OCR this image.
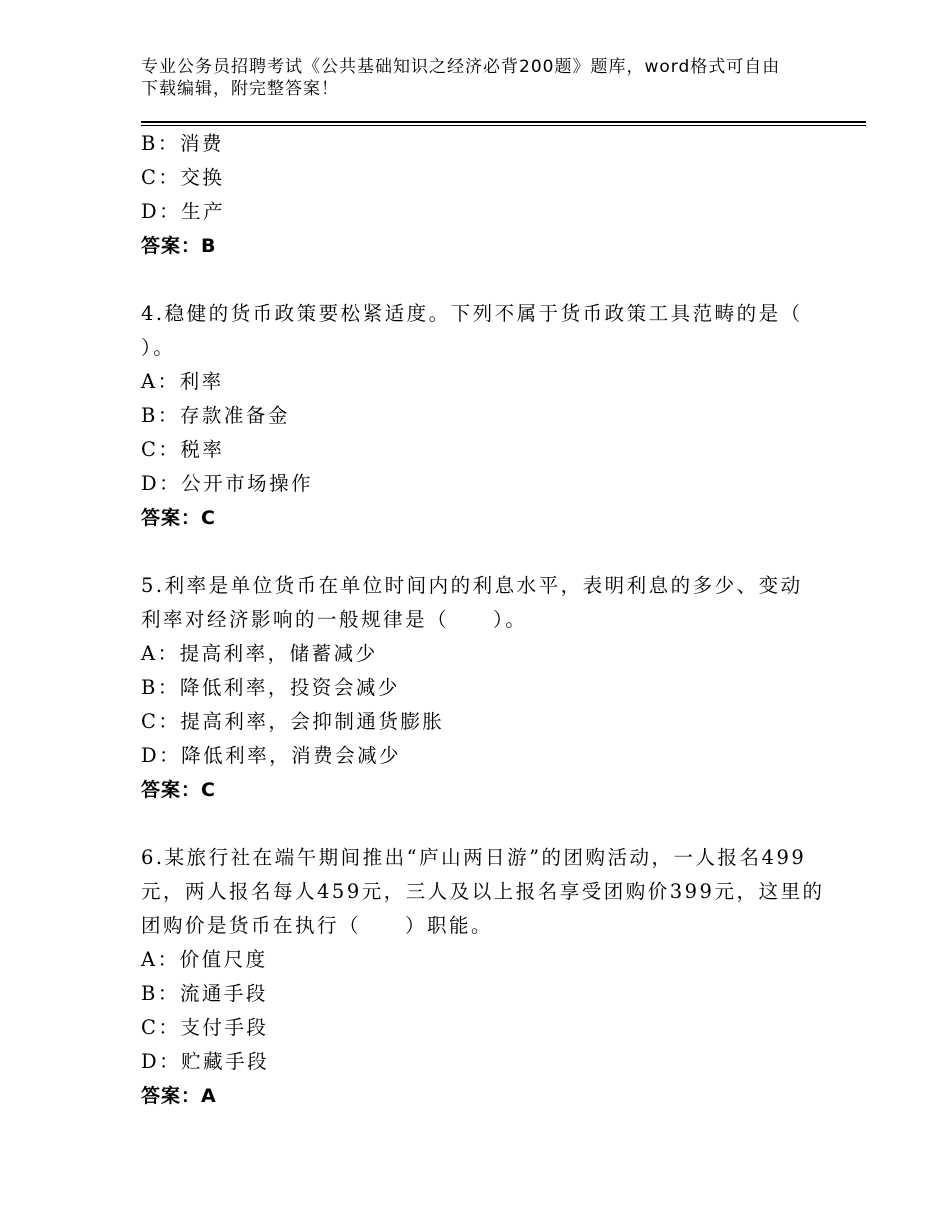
专业公务员招聘考试《公共基础知识之经济必背200题》题库，word格式可自由
下载编辑，附完整答案！
B：消费
C：交换
D：生产
答案：B
4.稳健的货币政策要松紧适度。下列不属于货币政策工具范畴的是（
）。
A：利率
B：存款准备金
C：税率
D：公开市场操作
答案：C
5.利率是单位货币在单位时间内的利息水平，表明利息的多少、变动
利率对经济影响的一般规律是（　　）。
A：提高利率，储蓄减少
B：降低利率，投资会减少
C：提高利率，会抑制通货膨胀
D：降低利率，消费会减少
答案：C
6.某旅行社在端午期间推出“庐山两日游”的团购活动，一人报名499
元，两人报名每人459元，三人及以上报名享受团购价399元，这里的
团购价是货币在执行（　　）职能。
A：价值尺度
B：流通手段
C：支付手段
D：贮藏手段
答案：A
